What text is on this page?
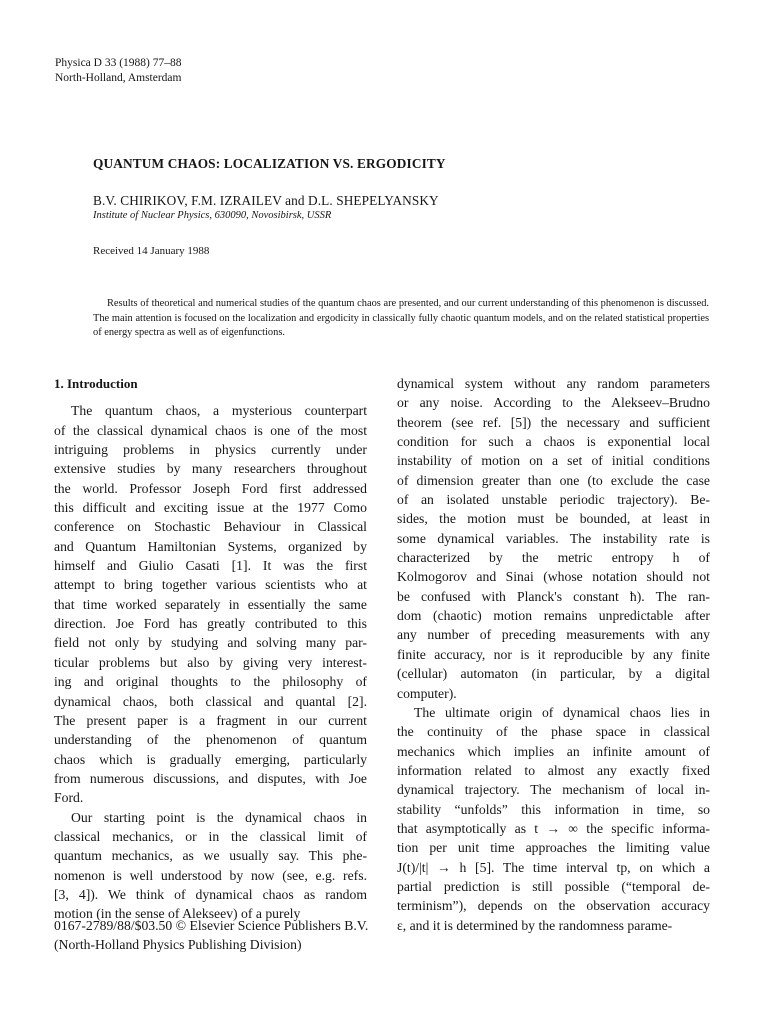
Physica D 33 (1988) 77–88
North-Holland, Amsterdam
QUANTUM CHAOS: LOCALIZATION VS. ERGODICITY
B.V. CHIRIKOV, F.M. IZRAILEV and D.L. SHEPELYANSKY
Institute of Nuclear Physics, 630090, Novosibirsk, USSR
Received 14 January 1988
Results of theoretical and numerical studies of the quantum chaos are presented, and our current understanding of this phenomenon is discussed. The main attention is focused on the localization and ergodicity in classically fully chaotic quantum models, and on the related statistical properties of energy spectra as well as of eigenfunctions.
1. Introduction
The quantum chaos, a mysterious counterpart
of the classical dynamical chaos is one of the most
intriguing problems in physics currently under
extensive studies by many researchers throughout
the world. Professor Joseph Ford first addressed
this difficult and exciting issue at the 1977 Como
conference on Stochastic Behaviour in Classical
and Quantum Hamiltonian Systems, organized by
himself and Giulio Casati [1]. It was the first
attempt to bring together various scientists who at
that time worked separately in essentially the same
direction. Joe Ford has greatly contributed to this
field not only by studying and solving many par-
ticular problems but also by giving very interest-
ing and original thoughts to the philosophy of
dynamical chaos, both classical and quantal [2].
The present paper is a fragment in our current
understanding of the phenomenon of quantum
chaos which is gradually emerging, particularly
from numerous discussions, and disputes, with Joe
Ford.
Our starting point is the dynamical chaos in
classical mechanics, or in the classical limit of
quantum mechanics, as we usually say. This phe-
nomenon is well understood by now (see, e.g. refs.
[3, 4]). We think of dynamical chaos as random
motion (in the sense of Alekseev) of a purely
dynamical system without any random parameters
or any noise. According to the Alekseev–Brudno
theorem (see ref. [5]) the necessary and sufficient
condition for such a chaos is exponential local
instability of motion on a set of initial conditions
of dimension greater than one (to exclude the case
of an isolated unstable periodic trajectory). Be-
sides, the motion must be bounded, at least in
some dynamical variables. The instability rate is
characterized by the metric entropy h of
Kolmogorov and Sinai (whose notation should not
be confused with Planck's constant ħ). The ran-
dom (chaotic) motion remains unpredictable after
any number of preceding measurements with any
finite accuracy, nor is it reproducible by any finite
(cellular) automaton (in particular, by a digital
computer).
The ultimate origin of dynamical chaos lies in
the continuity of the phase space in classical
mechanics which implies an infinite amount of
information related to almost any exactly fixed
dynamical trajectory. The mechanism of local in-
stability “unfolds” this information in time, so
that asymptotically as t → ∞ the specific informa-
tion per unit time approaches the limiting value
J(t)/|t| → h [5]. The time interval tp, on which a
partial prediction is still possible (“temporal de-
terminism”), depends on the observation accuracy
ε, and it is determined by the randomness parame-
0167-2789/88/$03.50 © Elsevier Science Publishers B.V.
(North-Holland Physics Publishing Division)
